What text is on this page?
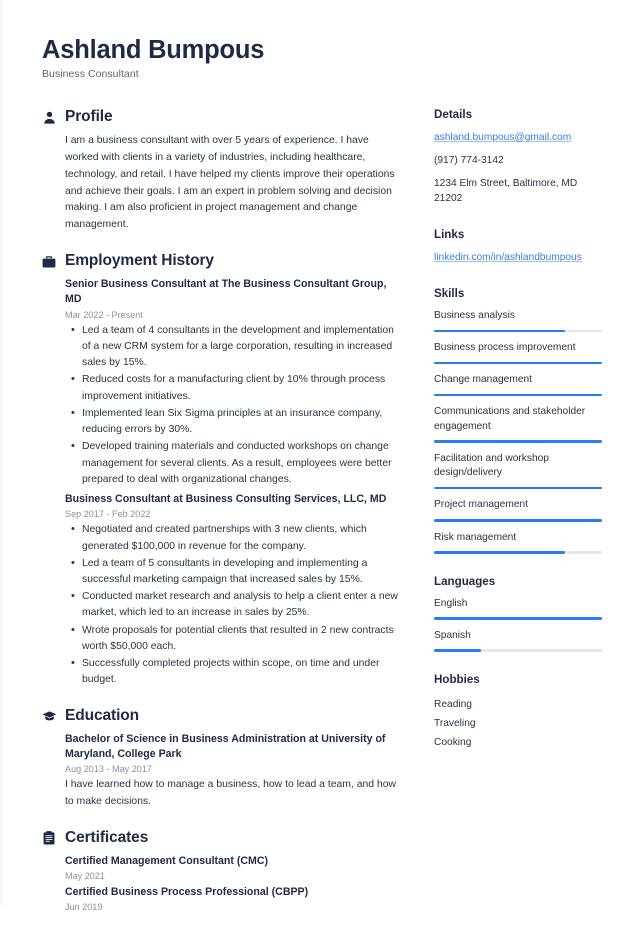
Ashland Bumpous
Business Consultant
Profile

I am a business consultant with over 5 years of experience. I have worked with clients in a variety of industries, including healthcare, technology, and retail. I have helped my clients improve their operations and achieve their goals. I am an expert in problem solving and decision making. I am also proficient in project management and change management.

Employment History
Senior Business Consultant at The Business Consultant Group, MD
Mar 2022 - Present
• Led a team of 4 consultants in the development and implementation of a new CRM system for a large corporation, resulting in increased sales by 15%.
• Reduced costs for a manufacturing client by 10% through process improvement initiatives.
• Implemented lean Six Sigma principles at an insurance company, reducing errors by 30%.
• Developed training materials and conducted workshops on change management for several clients. As a result, employees were better prepared to deal with organizational changes.
Business Consultant at Business Consulting Services, LLC, MD
Sep 2017 - Feb 2022
• Negotiated and created partnerships with 3 new clients, which generated $100,000 in revenue for the company.
• Led a team of 5 consultants in developing and implementing a successful marketing campaign that increased sales by 15%.
• Conducted market research and analysis to help a client enter a new market, which led to an increase in sales by 25%.
• Wrote proposals for potential clients that resulted in 2 new contracts worth $50,000 each.
• Successfully completed projects within scope, on time and under budget.
Education
Bachelor of Science in Business Administration at University of Maryland, College Park
Aug 2013 - May 2017

I have learned how to manage a business, how to lead a team, and how to make decisions.

Certificates
Certified Management Consultant (CMC)
May 2021
Certified Business Process Professional (CBPP)
Jun 2019
Details
ashland.bumpous@gmail.com
(917) 774-3142
1234 Elm Street, Baltimore, MD 21202
Links
linkedin.com/in/ashlandbumpous
Skills
Business analysis
Business process improvement
Change management
Communications and stakeholder engagement
Facilitation and workshop design/delivery
Project management
Risk management
Languages
English
Spanish
Hobbies
Reading
Traveling
Cooking
